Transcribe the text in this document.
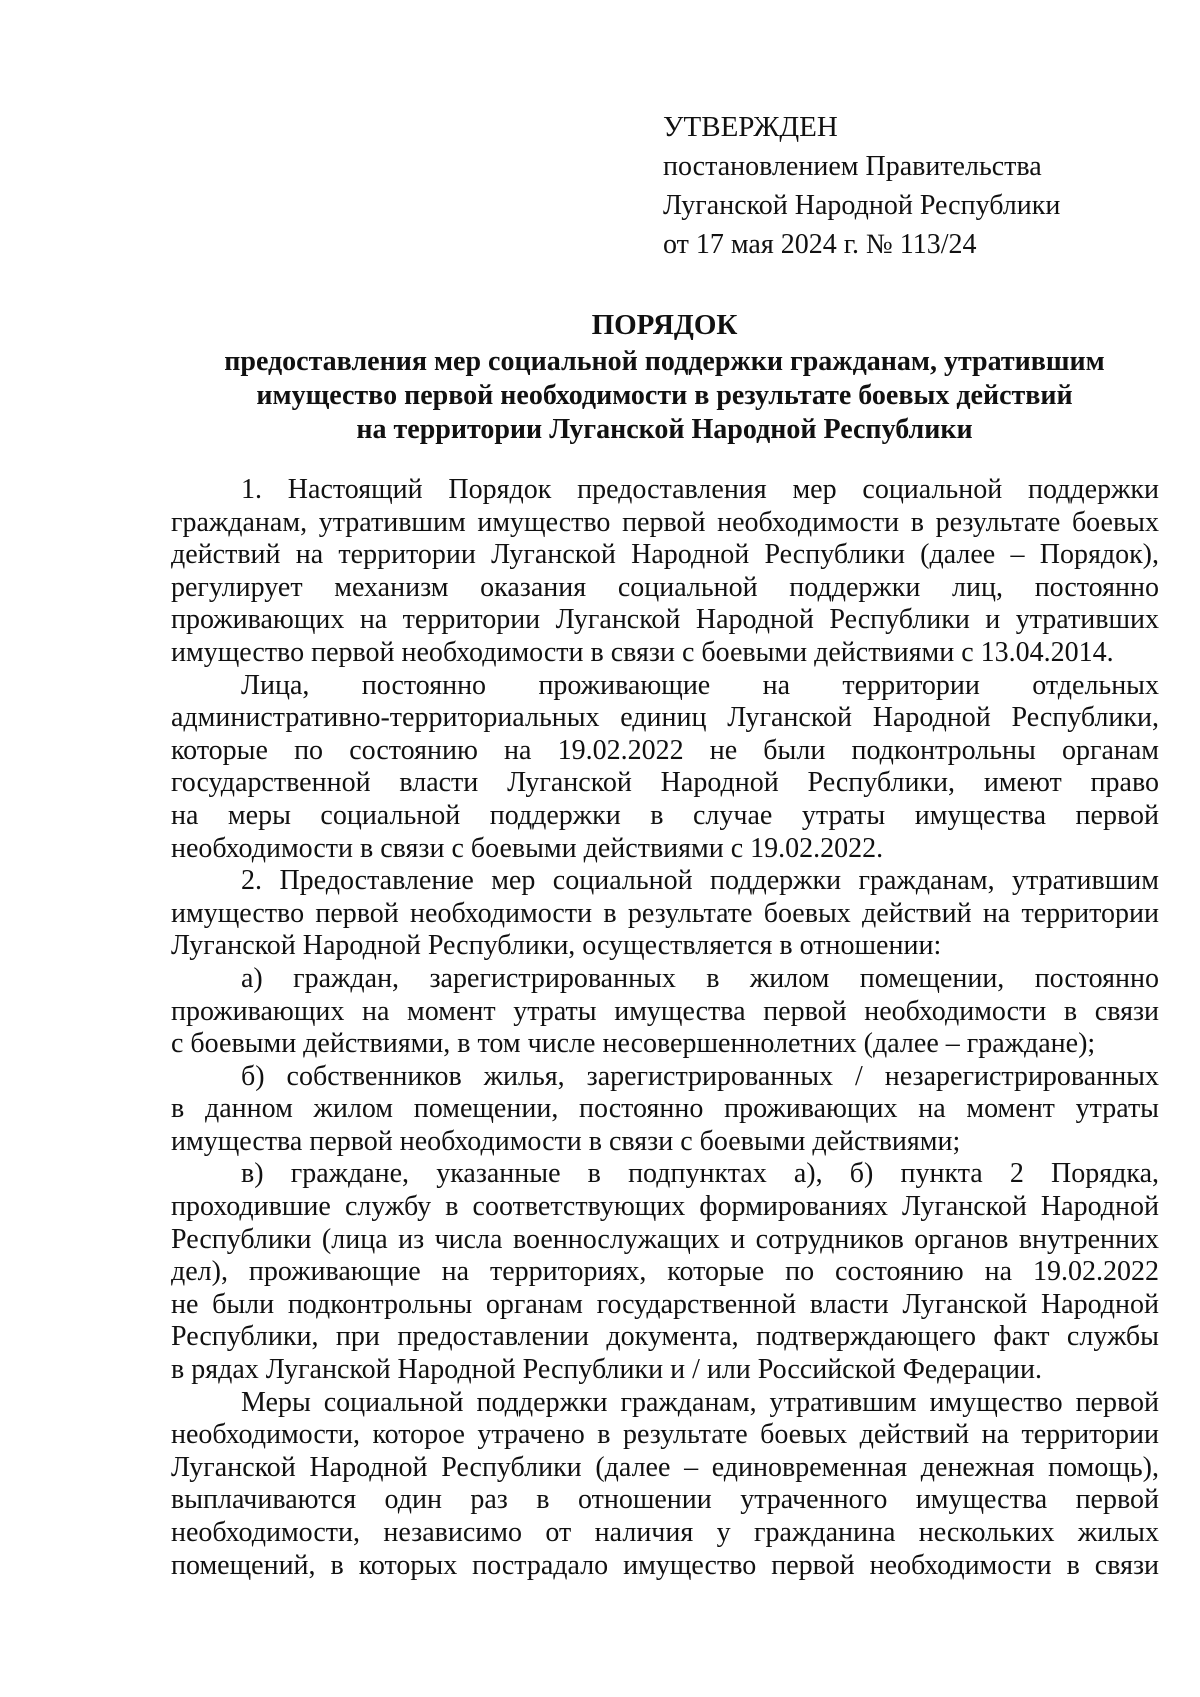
УТВЕРЖДЕН
постановлением Правительства
Луганской Народной Республики
от 17 мая 2024 г. № 113/24
ПОРЯДОК
предоставления мер социальной поддержки гражданам, утратившим
имущество первой необходимости в результате боевых действий
на территории Луганской Народной Республики
1. Настоящий Порядок предоставления мер социальной поддержки
гражданам, утратившим имущество первой необходимости в результате боевых
действий на территории Луганской Народной Республики (далее – Порядок),
регулирует механизм оказания социальной поддержки лиц, постоянно
проживающих на территории Луганской Народной Республики и утративших
имущество первой необходимости в связи с боевыми действиями с 13.04.2014.
Лица, постоянно проживающие на территории отдельных
административно-территориальных единиц Луганской Народной Республики,
которые по состоянию на 19.02.2022 не были подконтрольны органам
государственной власти Луганской Народной Республики, имеют право
на меры социальной поддержки в случае утраты имущества первой
необходимости в связи с боевыми действиями с 19.02.2022.
2. Предоставление мер социальной поддержки гражданам, утратившим
имущество первой необходимости в результате боевых действий на территории
Луганской Народной Республики, осуществляется в отношении:
а) граждан, зарегистрированных в жилом помещении, постоянно
проживающих на момент утраты имущества первой необходимости в связи
с боевыми действиями, в том числе несовершеннолетних (далее – граждане);
б) собственников жилья, зарегистрированных / незарегистрированных
в данном жилом помещении, постоянно проживающих на момент утраты
имущества первой необходимости в связи с боевыми действиями;
в) граждане, указанные в подпунктах а), б) пункта 2 Порядка,
проходившие службу в соответствующих формированиях Луганской Народной
Республики (лица из числа военнослужащих и сотрудников органов внутренних
дел), проживающие на территориях, которые по состоянию на 19.02.2022
не были подконтрольны органам государственной власти Луганской Народной
Республики, при предоставлении документа, подтверждающего факт службы
в рядах Луганской Народной Республики и / или Российской Федерации.
Меры социальной поддержки гражданам, утратившим имущество первой
необходимости, которое утрачено в результате боевых действий на территории
Луганской Народной Республики (далее – единовременная денежная помощь),
выплачиваются один раз в отношении утраченного имущества первой
необходимости, независимо от наличия у гражданина нескольких жилых
помещений, в которых пострадало имущество первой необходимости в связи
